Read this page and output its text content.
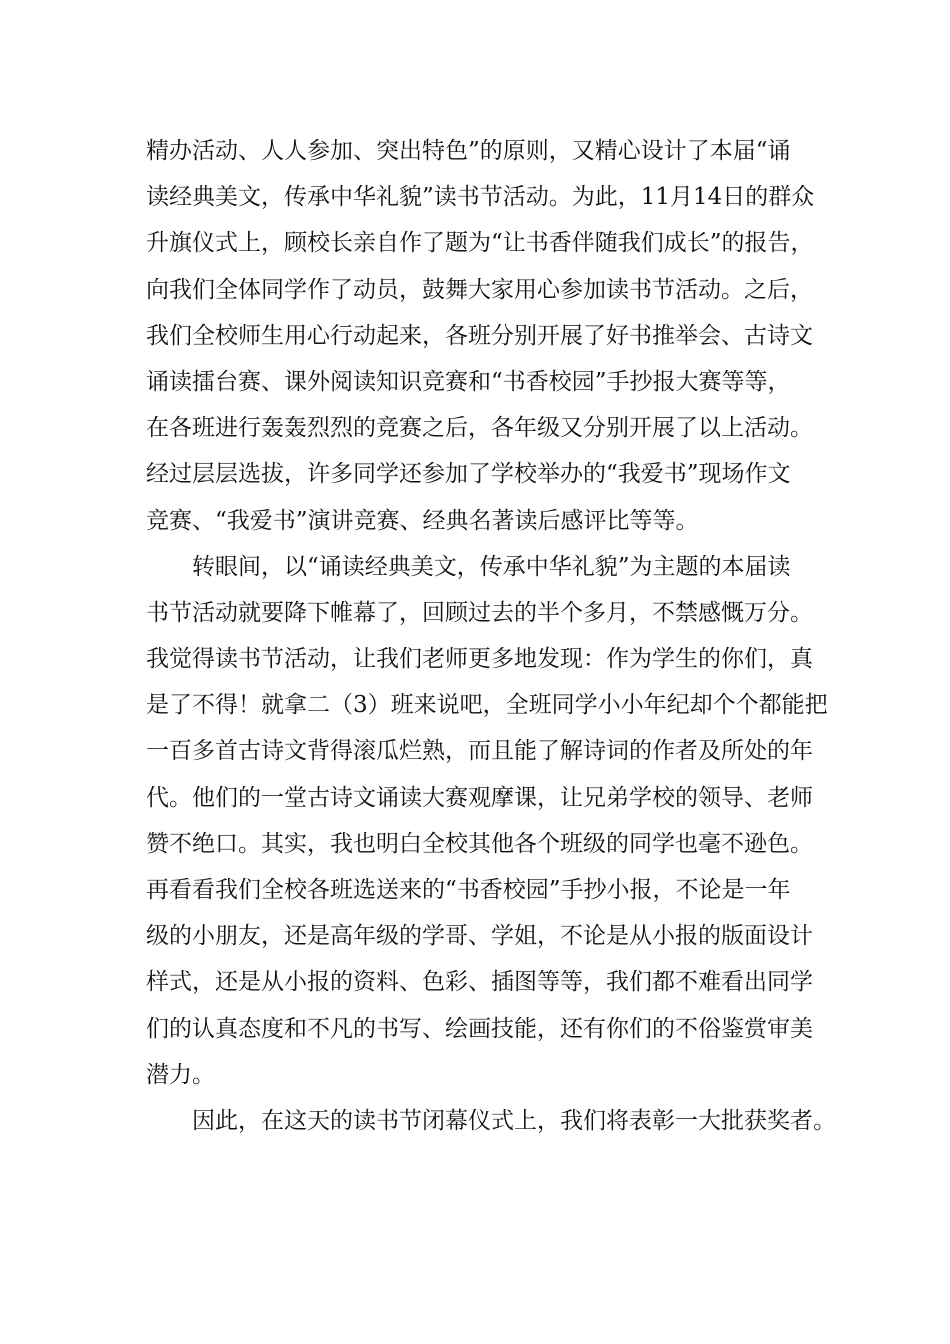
精办活动、人人参加、突出特色”的原则，又精心设计了本届“诵
读经典美文，传承中华礼貌”读书节活动。为此，11月14日的群众
升旗仪式上，顾校长亲自作了题为“让书香伴随我们成长”的报告，
向我们全体同学作了动员，鼓舞大家用心参加读书节活动。之后，
我们全校师生用心行动起来，各班分别开展了好书推举会、古诗文
诵读擂台赛、课外阅读知识竞赛和“书香校园”手抄报大赛等等，
在各班进行轰轰烈烈的竞赛之后，各年级又分别开展了以上活动。
经过层层选拔，许多同学还参加了学校举办的“我爱书”现场作文
竞赛、“我爱书”演讲竞赛、经典名著读后感评比等等。
转眼间，以“诵读经典美文，传承中华礼貌”为主题的本届读
书节活动就要降下帷幕了，回顾过去的半个多月，不禁感慨万分。
我觉得读书节活动，让我们老师更多地发现：作为学生的你们，真
是了不得！就拿二（3）班来说吧，全班同学小小年纪却个个都能把
一百多首古诗文背得滚瓜烂熟，而且能了解诗词的作者及所处的年
代。他们的一堂古诗文诵读大赛观摩课，让兄弟学校的领导、老师
赞不绝口。其实，我也明白全校其他各个班级的同学也毫不逊色。
再看看我们全校各班选送来的“书香校园”手抄小报，不论是一年
级的小朋友，还是高年级的学哥、学姐，不论是从小报的版面设计
样式，还是从小报的资料、色彩、插图等等，我们都不难看出同学
们的认真态度和不凡的书写、绘画技能，还有你们的不俗鉴赏审美
潜力。
因此，在这天的读书节闭幕仪式上，我们将表彰一大批获奖者。
